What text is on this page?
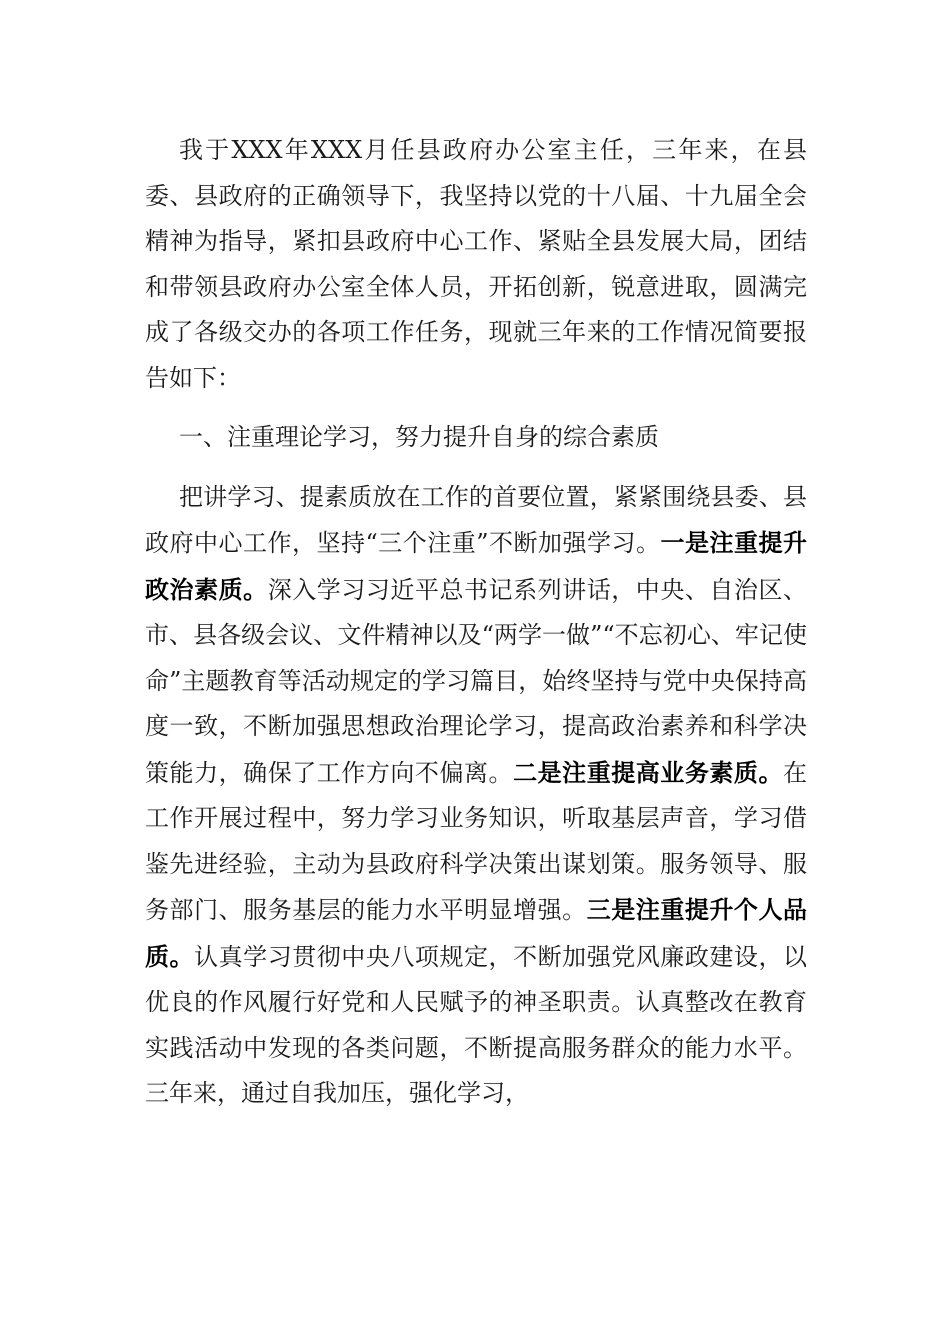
我于XXX年XXX月任县政府办公室主任，三年来，在县委、县政府的正确领导下，我坚持以党的十八届、十九届全会精神为指导，紧扣县政府中心工作、紧贴全县发展大局，团结和带领县政府办公室全体人员，开拓创新，锐意进取，圆满完成了各级交办的各项工作任务，现就三年来的工作情况简要报告如下：

一、注重理论学习，努力提升自身的综合素质

把讲学习、提素质放在工作的首要位置，紧紧围绕县委、县政府中心工作，坚持“三个注重”不断加强学习。一是注重提升政治素质。深入学习习近平总书记系列讲话，中央、自治区、市、县各级会议、文件精神以及“两学一做”“不忘初心、牢记使命”主题教育等活动规定的学习篇目，始终坚持与党中央保持高度一致，不断加强思想政治理论学习，提高政治素养和科学决策能力，确保了工作方向不偏离。二是注重提高业务素质。在工作开展过程中，努力学习业务知识，听取基层声音，学习借鉴先进经验，主动为县政府科学决策出谋划策。服务领导、服务部门、服务基层的能力水平明显增强。三是注重提升个人品质。认真学习贯彻中央八项规定，不断加强党风廉政建设，以优良的作风履行好党和人民赋予的神圣职责。认真整改在教育实践活动中发现的各类问题，不断提高服务群众的能力水平。三年来，通过自我加压，强化学习，
